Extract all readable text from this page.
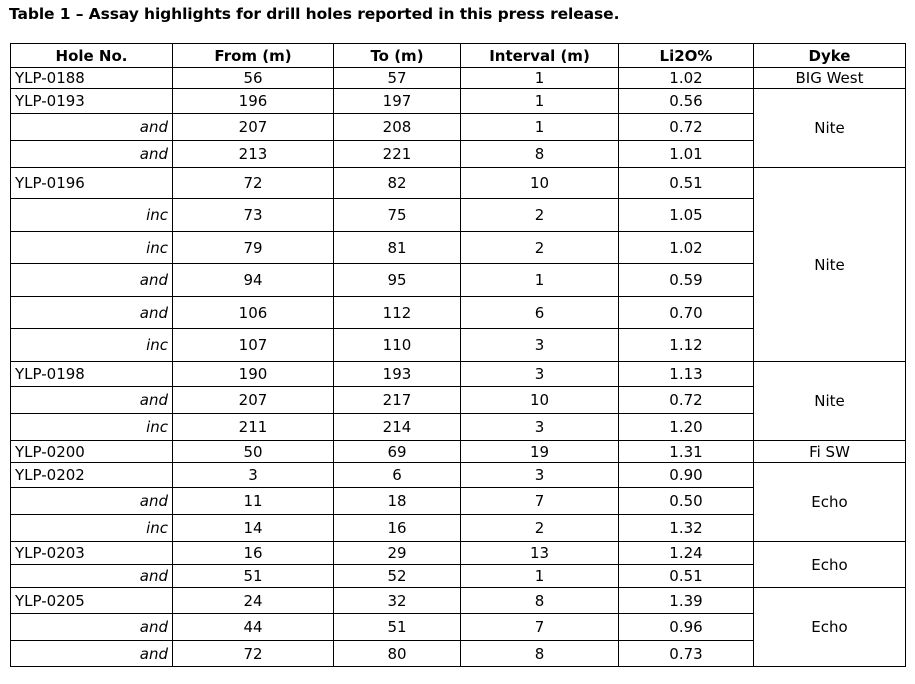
Table 1 – Assay highlights for drill holes reported in this press release.
Hole No.	From (m)	To (m)	Interval (m)	Li2O%	Dyke
YLP-0188	56	57	1	1.02	BIG West
YLP-0193	196	197	1	0.56	Nite
and	207	208	1	0.72	
and	213	221	8	1.01	
YLP-0196	72	82	10	0.51	Nite
inc	73	75	2	1.05	
inc	79	81	2	1.02	
and	94	95	1	0.59	
and	106	112	6	0.70	
inc	107	110	3	1.12	
YLP-0198	190	193	3	1.13	Nite
and	207	217	10	0.72	
inc	211	214	3	1.20	
YLP-0200	50	69	19	1.31	Fi SW
YLP-0202	3	6	3	0.90	Echo
and	11	18	7	0.50	
inc	14	16	2	1.32	
YLP-0203	16	29	13	1.24	Echo
and	51	52	1	0.51	
YLP-0205	24	32	8	1.39	Echo
and	44	51	7	0.96	
and	72	80	8	0.73	
